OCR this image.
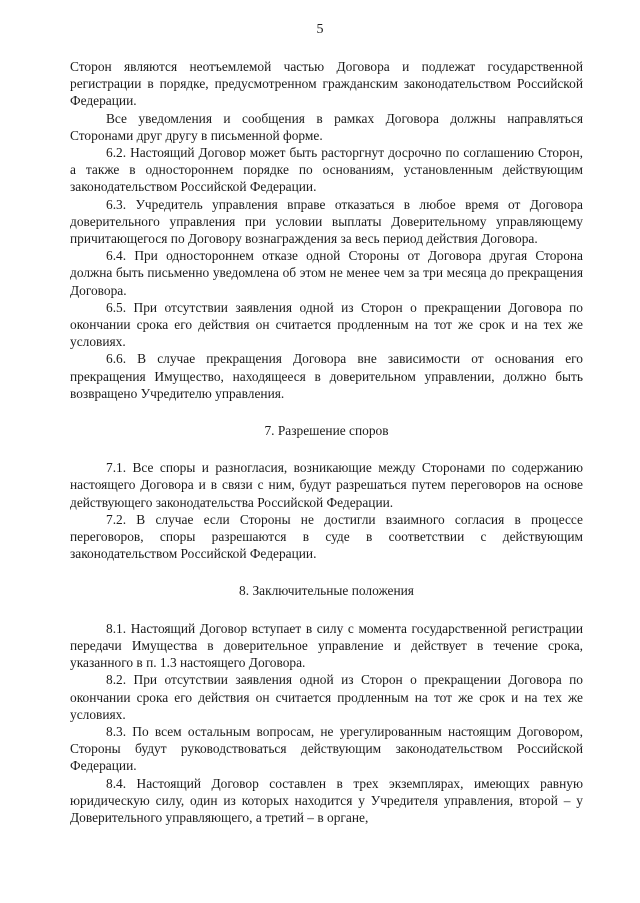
5

Сторон являются неотъемлемой частью Договора и подлежат государственной регистрации в порядке, предусмотренном гражданским законодательством Российской Федерации.

Все уведомления и сообщения в рамках Договора должны направляться Сторонами друг другу в письменной форме.

6.2. Настоящий Договор может быть расторгнут досрочно по соглашению Сторон, а также в одностороннем порядке по основаниям, установленным действующим законодательством Российской Федерации.

6.3. Учредитель управления вправе отказаться в любое время от Договора доверительного управления при условии выплаты Доверительному управляющему причитающегося по Договору вознаграждения за весь период действия Договора.

6.4. При одностороннем отказе одной Стороны от Договора другая Сторона должна быть письменно уведомлена об этом не менее чем за три месяца до прекращения Договора.

6.5. При отсутствии заявления одной из Сторон о прекращении Договора по окончании срока его действия он считается продленным на тот же срок и на тех же условиях.

6.6. В случае прекращения Договора вне зависимости от основания его прекращения Имущество, находящееся в доверительном управлении, должно быть возвращено Учредителю управления.

7. Разрешение споров

7.1. Все споры и разногласия, возникающие между Сторонами по содержанию настоящего Договора и в связи с ним, будут разрешаться путем переговоров на основе действующего законодательства Российской Федерации.

7.2. В случае если Стороны не достигли взаимного согласия в процессе переговоров, споры разрешаются в суде в соответствии с действующим законодательством Российской Федерации.

8. Заключительные положения

8.1. Настоящий Договор вступает в силу с момента государственной регистрации передачи Имущества в доверительное управление и действует в течение срока, указанного в п. 1.3 настоящего Договора.

8.2. При отсутствии заявления одной из Сторон о прекращении Договора по окончании срока его действия он считается продленным на тот же срок и на тех же условиях.

8.3. По всем остальным вопросам, не урегулированным настоящим Договором, Стороны будут руководствоваться действующим законодательством Российской Федерации.

8.4. Настоящий Договор составлен в трех экземплярах, имеющих равную юридическую силу, один из которых находится у Учредителя управления, второй – у Доверительного управляющего, а третий – в органе,
